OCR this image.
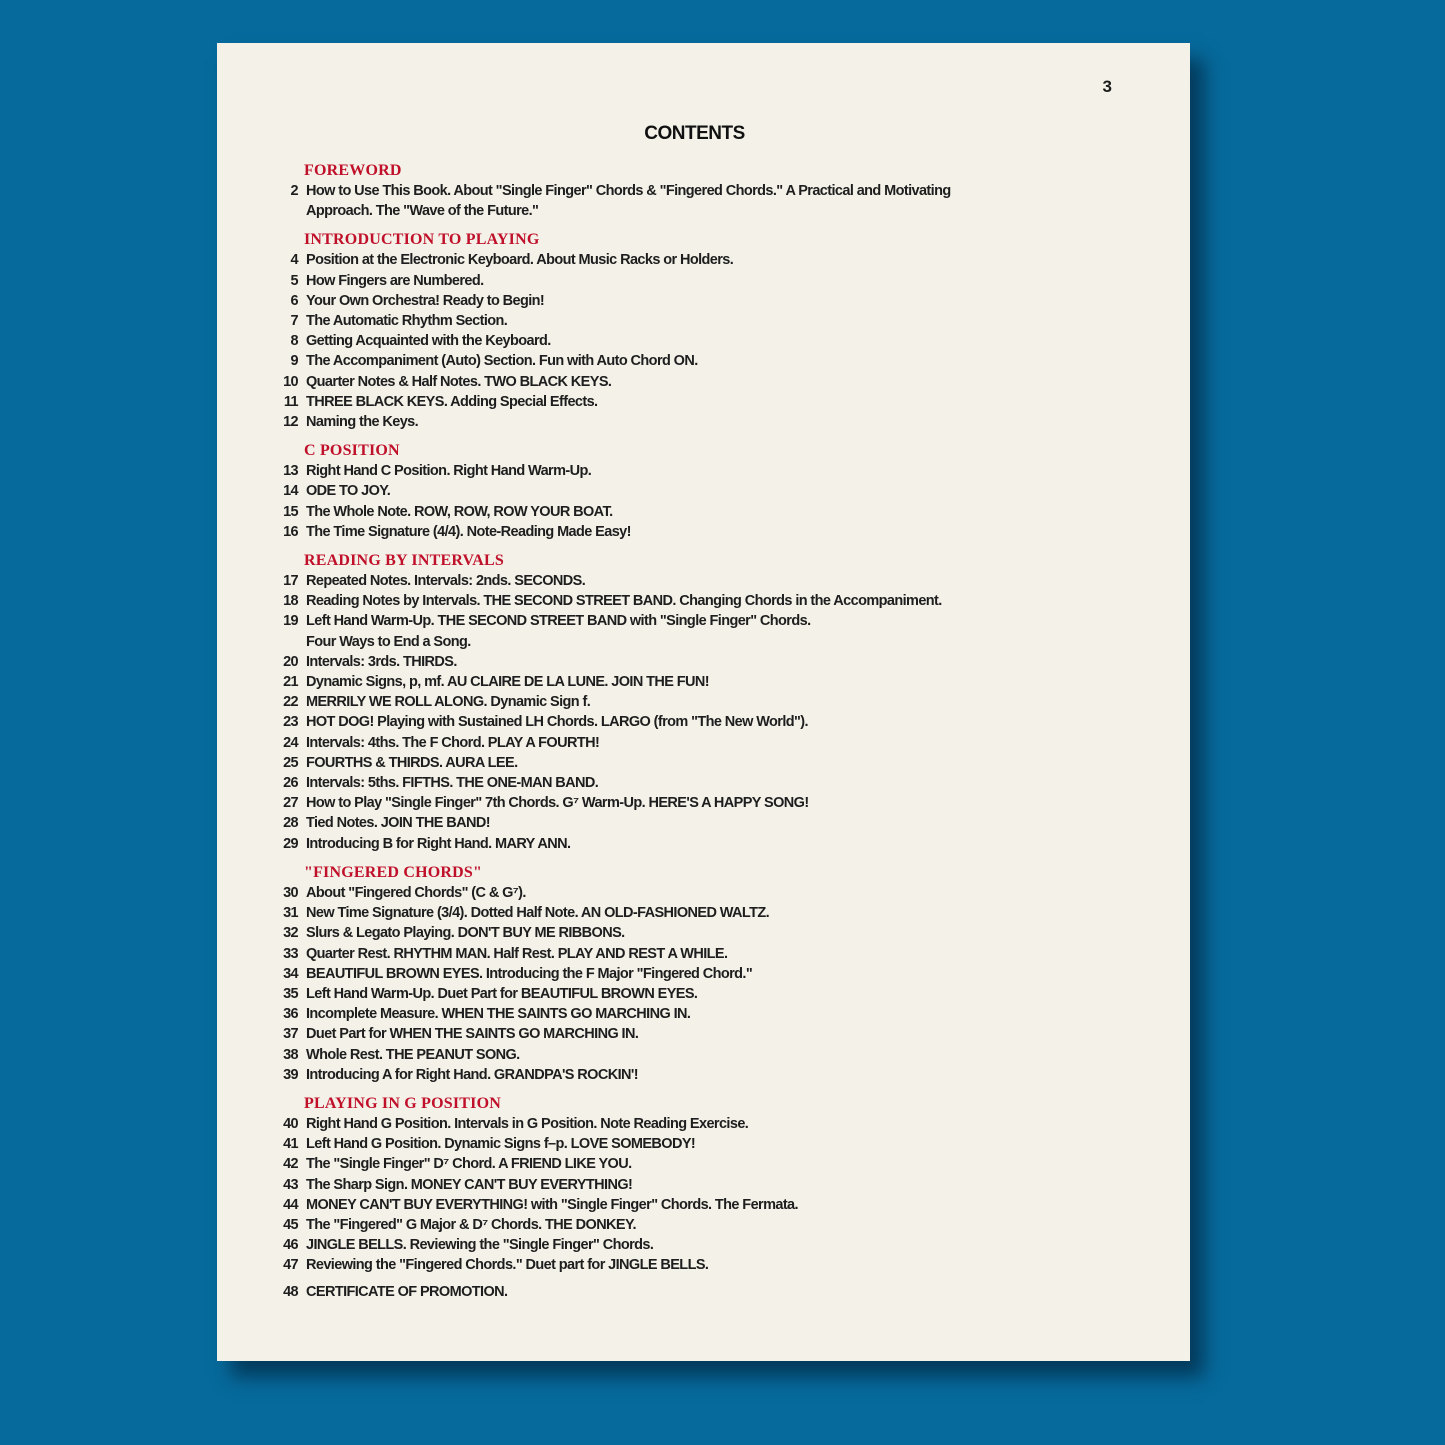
3
CONTENTS
FOREWORD
2 How to Use This Book. About "Single Finger" Chords & "Fingered Chords." A Practical and Motivating
Approach. The "Wave of the Future."
INTRODUCTION TO PLAYING
4 Position at the Electronic Keyboard. About Music Racks or Holders.
5 How Fingers are Numbered.
6 Your Own Orchestra! Ready to Begin!
7 The Automatic Rhythm Section.
8 Getting Acquainted with the Keyboard.
9 The Accompaniment (Auto) Section. Fun with Auto Chord ON.
10 Quarter Notes & Half Notes. TWO BLACK KEYS.
11 THREE BLACK KEYS. Adding Special Effects.
12 Naming the Keys.
C POSITION
13 Right Hand C Position. Right Hand Warm-Up.
14 ODE TO JOY.
15 The Whole Note. ROW, ROW, ROW YOUR BOAT.
16 The Time Signature (4/4). Note-Reading Made Easy!
READING BY INTERVALS
17 Repeated Notes. Intervals: 2nds. SECONDS.
18 Reading Notes by Intervals. THE SECOND STREET BAND. Changing Chords in the Accompaniment.
19 Left Hand Warm-Up. THE SECOND STREET BAND with "Single Finger" Chords.
Four Ways to End a Song.
20 Intervals: 3rds. THIRDS.
21 Dynamic Signs, p, mf. AU CLAIRE DE LA LUNE. JOIN THE FUN!
22 MERRILY WE ROLL ALONG. Dynamic Sign f.
23 HOT DOG! Playing with Sustained LH Chords. LARGO (from "The New World").
24 Intervals: 4ths. The F Chord. PLAY A FOURTH!
25 FOURTHS & THIRDS. AURA LEE.
26 Intervals: 5ths. FIFTHS. THE ONE-MAN BAND.
27 How to Play "Single Finger" 7th Chords. G⁷ Warm-Up. HERE'S A HAPPY SONG!
28 Tied Notes. JOIN THE BAND!
29 Introducing B for Right Hand. MARY ANN.
"FINGERED CHORDS"
30 About "Fingered Chords" (C & G⁷).
31 New Time Signature (3/4). Dotted Half Note. AN OLD-FASHIONED WALTZ.
32 Slurs & Legato Playing. DON'T BUY ME RIBBONS.
33 Quarter Rest. RHYTHM MAN. Half Rest. PLAY AND REST A WHILE.
34 BEAUTIFUL BROWN EYES. Introducing the F Major "Fingered Chord."
35 Left Hand Warm-Up. Duet Part for BEAUTIFUL BROWN EYES.
36 Incomplete Measure. WHEN THE SAINTS GO MARCHING IN.
37 Duet Part for WHEN THE SAINTS GO MARCHING IN.
38 Whole Rest. THE PEANUT SONG.
39 Introducing A for Right Hand. GRANDPA'S ROCKIN'!
PLAYING IN G POSITION
40 Right Hand G Position. Intervals in G Position. Note Reading Exercise.
41 Left Hand G Position. Dynamic Signs f–p. LOVE SOMEBODY!
42 The "Single Finger" D⁷ Chord. A FRIEND LIKE YOU.
43 The Sharp Sign. MONEY CAN'T BUY EVERYTHING!
44 MONEY CAN'T BUY EVERYTHING! with "Single Finger" Chords. The Fermata.
45 The "Fingered" G Major & D⁷ Chords. THE DONKEY.
46 JINGLE BELLS. Reviewing the "Single Finger" Chords.
47 Reviewing the "Fingered Chords." Duet part for JINGLE BELLS.
48 CERTIFICATE OF PROMOTION.
